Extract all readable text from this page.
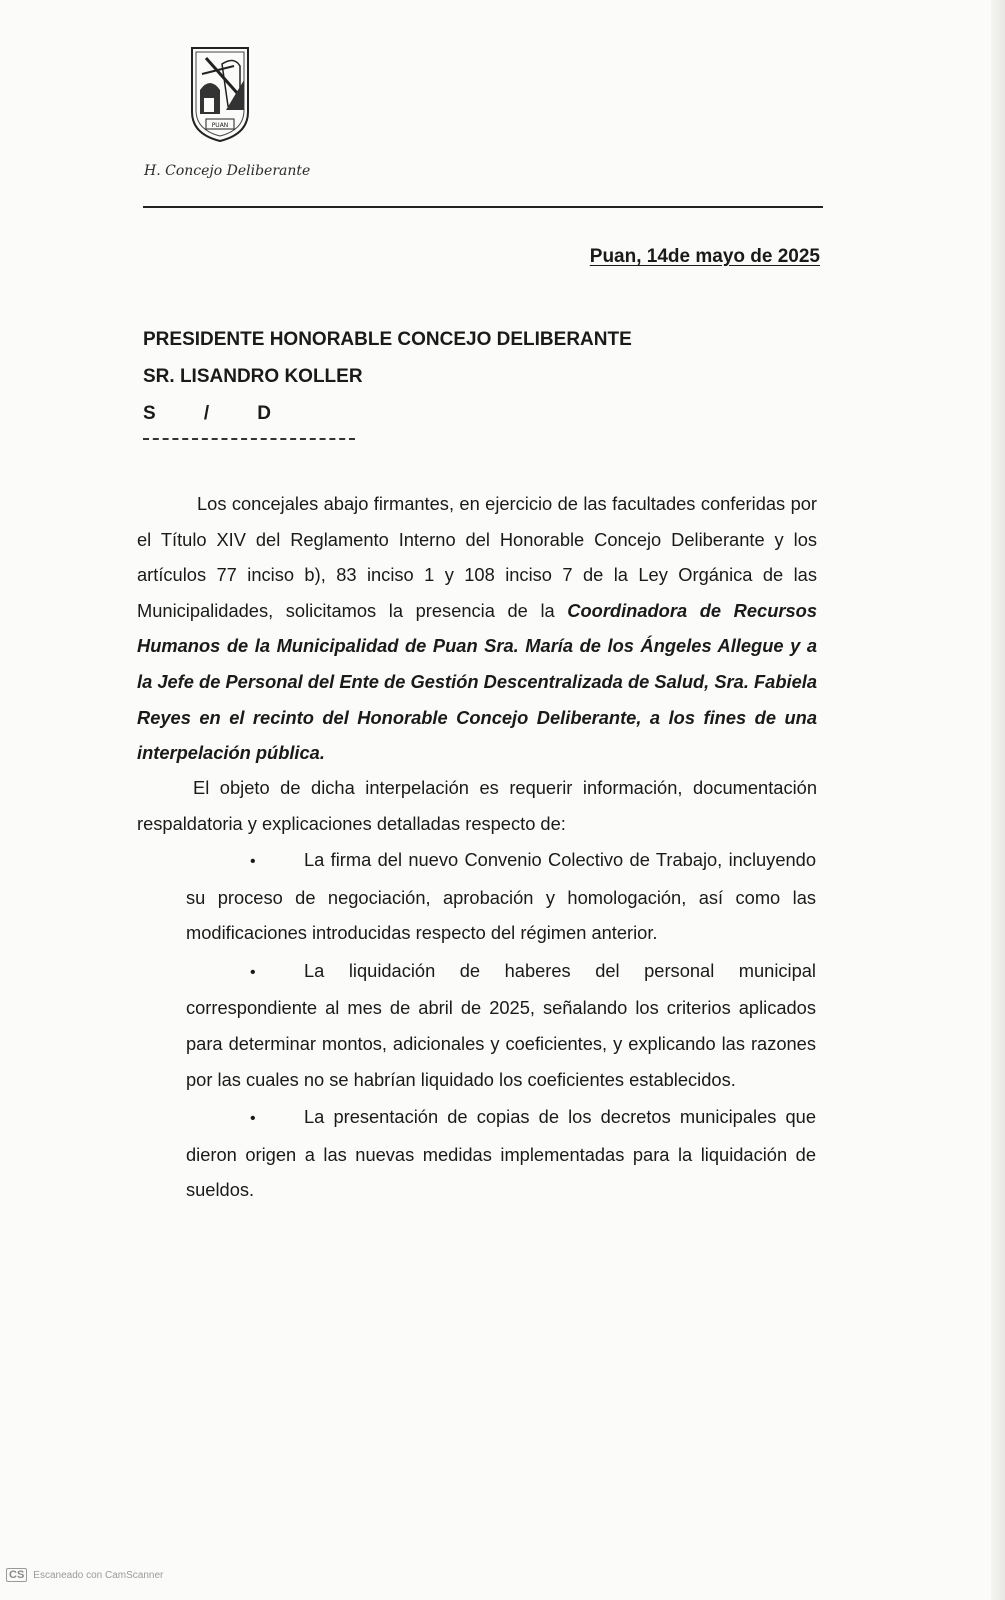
PUAN
H. Concejo Deliberante
Puan, 14de mayo de 2025
PRESIDENTE HONORABLE CONCEJO DELIBERANTE
SR. LISANDRO KOLLER
S	/	D
Los concejales abajo firmantes, en ejercicio de las facultades conferidas por el Título XIV del Reglamento Interno del Honorable Concejo Deliberante y los artículos 77 inciso b), 83 inciso 1 y 108 inciso 7 de la Ley Orgánica de las Municipalidades, solicitamos la presencia de la Coordinadora de Recursos Humanos de la Municipalidad de Puan Sra. María de los Ángeles Allegue y a la Jefe de Personal del Ente de Gestión Descentralizada de Salud, Sra. Fabiela Reyes en el recinto del Honorable Concejo Deliberante, a los fines de una interpelación pública.
El objeto de dicha interpelación es requerir información, documentación respaldatoria y explicaciones detalladas respecto de:
•	La firma del nuevo Convenio Colectivo de Trabajo, incluyendo su proceso de negociación, aprobación y homologación, así como las modificaciones introducidas respecto del régimen anterior.
•	La liquidación de haberes del personal municipal correspondiente al mes de abril de 2025, señalando los criterios aplicados para determinar montos, adicionales y coeficientes, y explicando las razones por las cuales no se habrían liquidado los coeficientes establecidos.
•	La presentación de copias de los decretos municipales que dieron origen a las nuevas medidas implementadas para la liquidación de sueldos.
CS Escaneado con CamScanner
